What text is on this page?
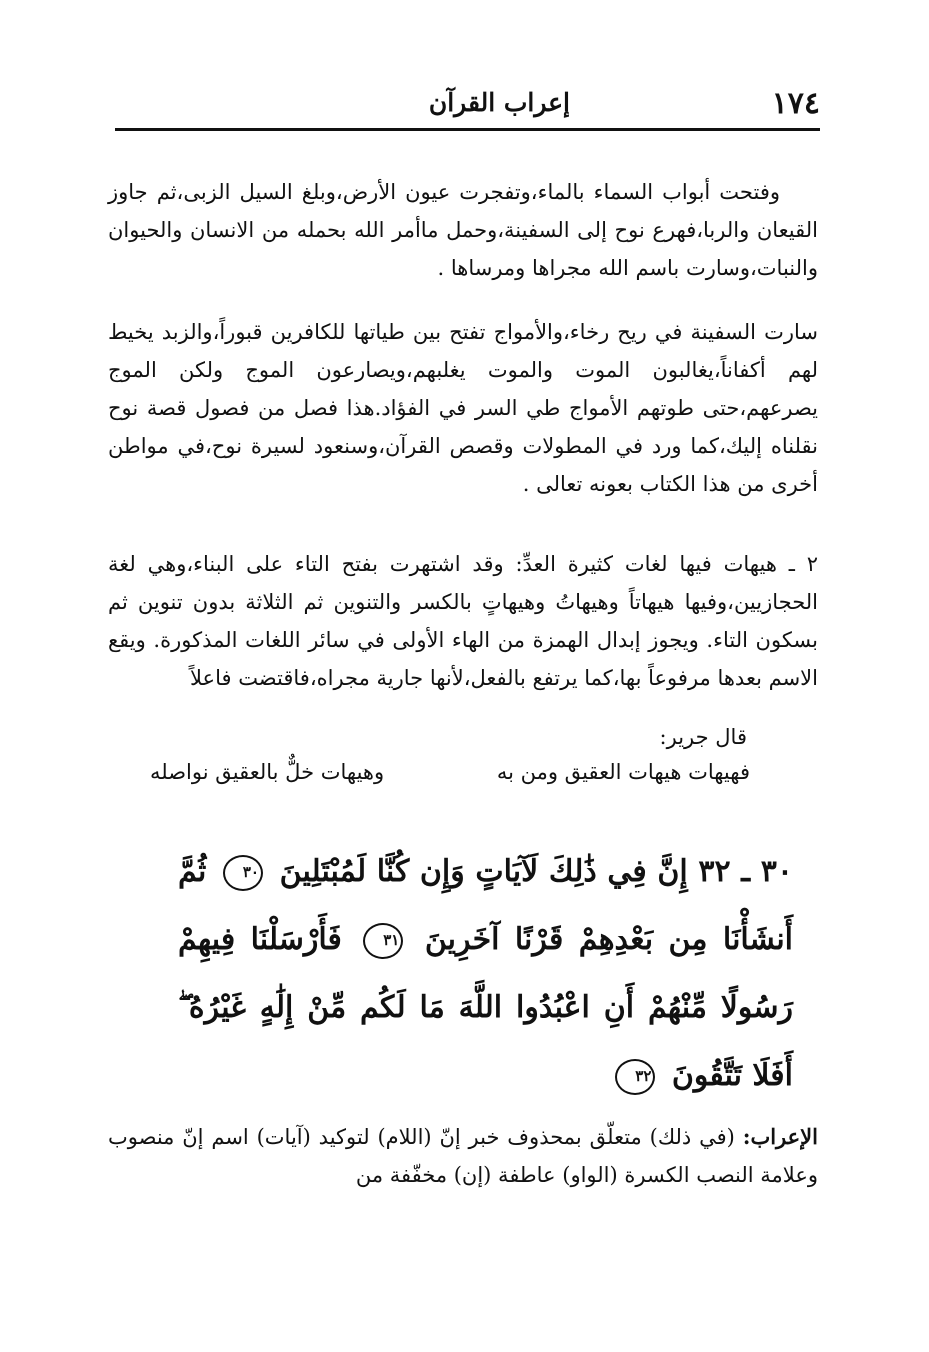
١٧٤
إعراب القرآن
وفتحت أبواب السماء بالماء،وتفجرت عيون الأرض،وبلغ السيل الزبى،ثم جاوز القيعان والربا،فهرع نوح إلى السفينة،وحمل ماأمر الله بحمله من الانسان والحيوان والنبات،وسارت باسم الله مجراها ومرساها .
سارت السفينة في ريح رخاء،والأمواج تفتح بين طياتها للكافرين قبوراً،والزبد يخيط لهم أكفاناً،يغالبون الموت والموت يغلبهم،ويصارعون الموج ولكن الموج يصرعهم،حتى طوتهم الأمواج طي السر في الفؤاد.هذا فصل من فصول قصة نوح نقلناه إليك،كما ورد في المطولات وقصص القرآن،وسنعود لسيرة نوح،في مواطن أخرى من هذا الكتاب بعونه تعالى .
٢ ـ هيهات فيها لغات كثيرة العدِّ: وقد اشتهرت بفتح التاء على البناء،وهي لغة الحجازيين،وفيها هيهاتاً وهيهاتُ وهيهاتٍ بالكسر والتنوين ثم الثلاثة بدون تنوين ثم بسكون التاء. ويجوز إبدال الهمزة من الهاء الأولى في سائر اللغات المذكورة. ويقع الاسم بعدها مرفوعاً بها،كما يرتفع بالفعل،لأنها جارية مجراه،فاقتضت فاعلاً
قال جرير:
فهيهات هيهات العقيق ومن به
وهيهات خلٌّ بالعقيق نواصله
٣٠ ـ ٣٢ إِنَّ فِي ذَٰلِكَ لَآيَاتٍ وَإِن كُنَّا لَمُبْتَلِينَ ٣٠ ثُمَّ أَنشَأْنَا مِن بَعْدِهِمْ قَرْنًا آخَرِينَ ٣١ فَأَرْسَلْنَا فِيهِمْ رَسُولًا مِّنْهُمْ أَنِ اعْبُدُوا اللَّهَ مَا لَكُم مِّنْ إِلَٰهٍ غَيْرُهُ ۖ أَفَلَا تَتَّقُونَ ٣٢
الإعراب: (في ذلك) متعلّق بمحذوف خبر إنّ (اللام) لتوكيد (آيات) اسم إنّ منصوب وعلامة النصب الكسرة (الواو) عاطفة (إن) مخفّفة من
